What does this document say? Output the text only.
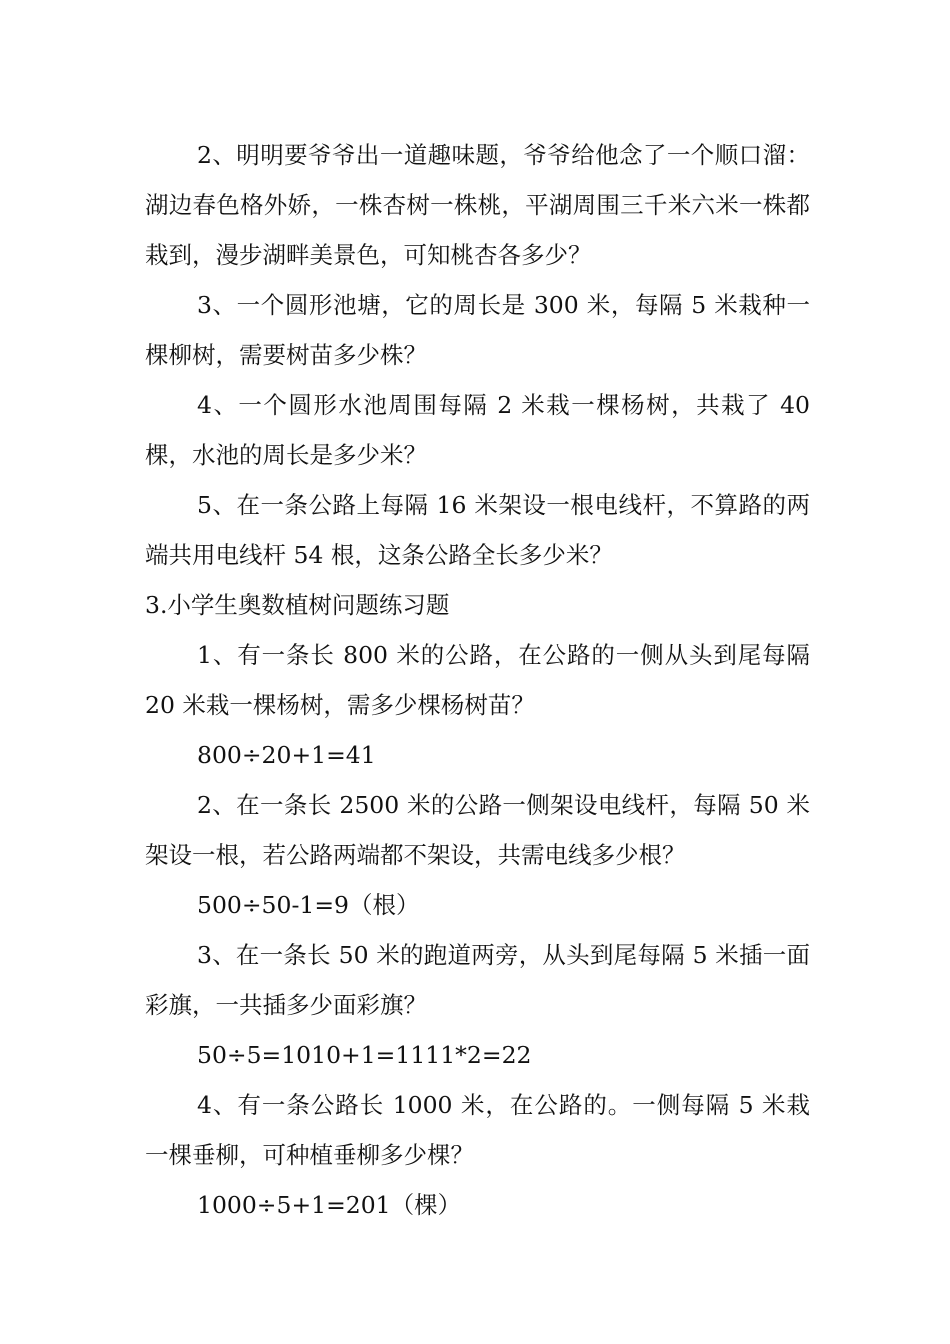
2、明明要爷爷出一道趣味题，爷爷给他念了一个顺口溜：湖边春色格外娇，一株杏树一株桃，平湖周围三千米六米一株都栽到，漫步湖畔美景色，可知桃杏各多少？

3、一个圆形池塘，它的周长是 300 米，每隔 5 米栽种一棵柳树，需要树苗多少株？

4、一个圆形水池周围每隔 2 米栽一棵杨树，共栽了 40 棵，水池的周长是多少米？

5、在一条公路上每隔 16 米架设一根电线杆，不算路的两端共用电线杆 54 根，这条公路全长多少米？

3.小学生奥数植树问题练习题

1、有一条长 800 米的公路，在公路的一侧从头到尾每隔 20 米栽一棵杨树，需多少棵杨树苗？

800÷20+1=41

2、在一条长 2500 米的公路一侧架设电线杆，每隔 50 米架设一根，若公路两端都不架设，共需电线多少根？

500÷50-1=9（根）

3、在一条长 50 米的跑道两旁，从头到尾每隔 5 米插一面彩旗，一共插多少面彩旗？

50÷5=1010+1=1111*2=22

4、有一条公路长 1000 米，在公路的。一侧每隔 5 米栽一棵垂柳，可种植垂柳多少棵？

1000÷5+1=201（棵）
